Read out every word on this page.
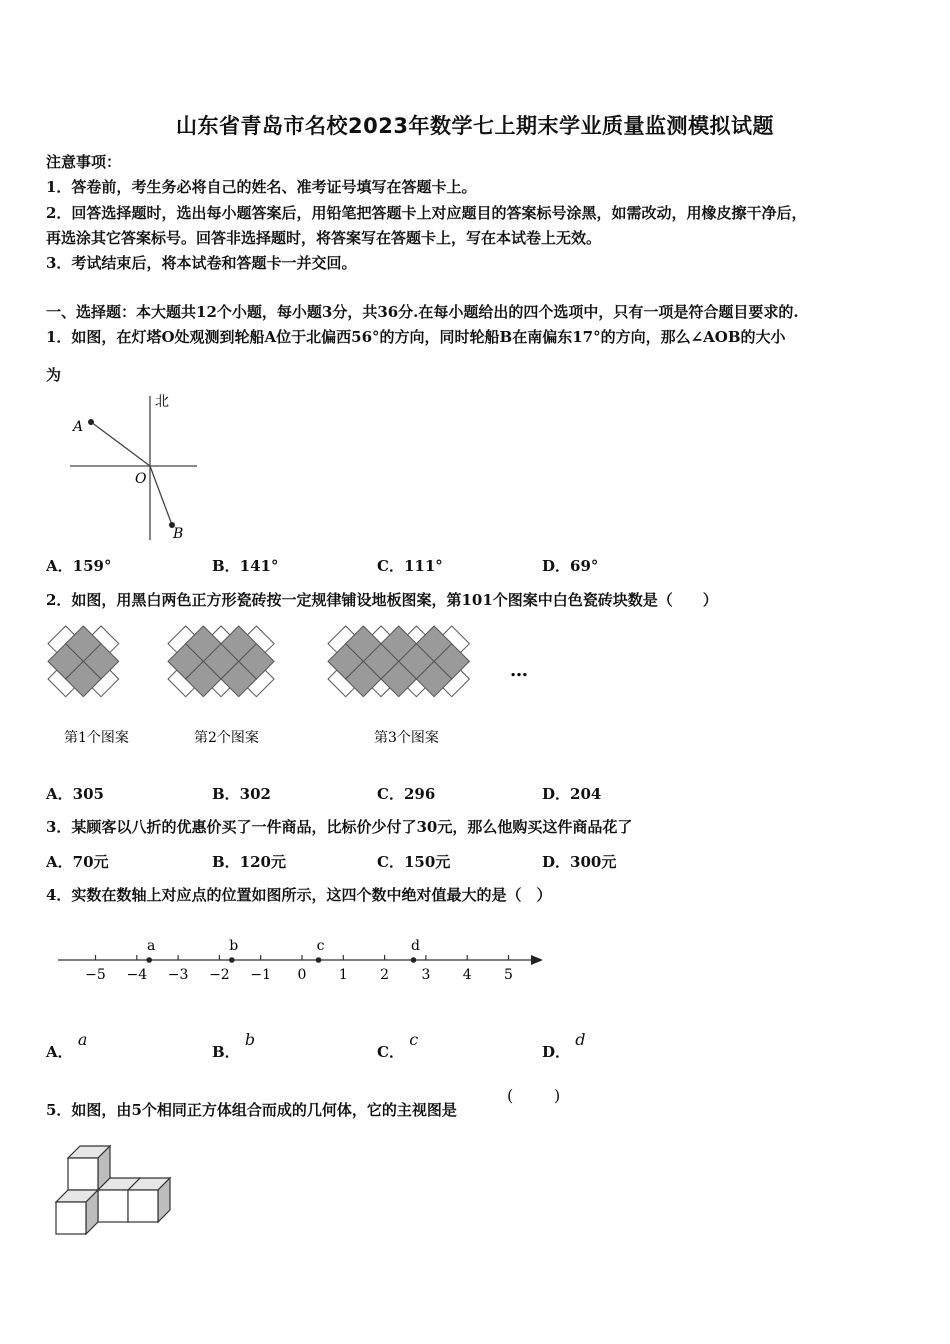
山东省青岛市名校2023年数学七上期末学业质量监测模拟试题
注意事项：
1．答卷前，考生务必将自己的姓名、准考证号填写在答题卡上。
2．回答选择题时，选出每小题答案后，用铅笔把答题卡上对应题目的答案标号涂黑，如需改动，用橡皮擦干净后，
再选涂其它答案标号。回答非选择题时，将答案写在答题卡上，写在本试卷上无效。
3．考试结束后，将本试卷和答题卡一并交回。
一、选择题：本大题共12个小题，每小题3分，共36分.在每小题给出的四个选项中，只有一项是符合题目要求的.
1．如图，在灯塔O处观测到轮船A位于北偏西56°的方向，同时轮船B在南偏东17°的方向，那么∠AOB的大小
为
北
A
O
B
A．159°	B．141°	C．111°	D．69°
2．如图，用黑白两色正方形瓷砖按一定规律铺设地板图案，第101个图案中白色瓷砖块数是（　　）
…
第1个图案	第2个图案	第3个图案
A．305	B．302	C．296	D．204
3．某顾客以八折的优惠价买了一件商品，比标价少付了30元，那么他购买这件商品花了
A．70元	B．120元	C．150元	D．300元
4．实数在数轴上对应点的位置如图所示，这四个数中绝对值最大的是（　）
−5 −4 −3 −2 −1 0 1 2 3 4 5
a	b	c	d
A． a
B． b
C． c
D． d
5．如图，由5个相同正方体组合而成的几何体，它的主视图是
(	)
